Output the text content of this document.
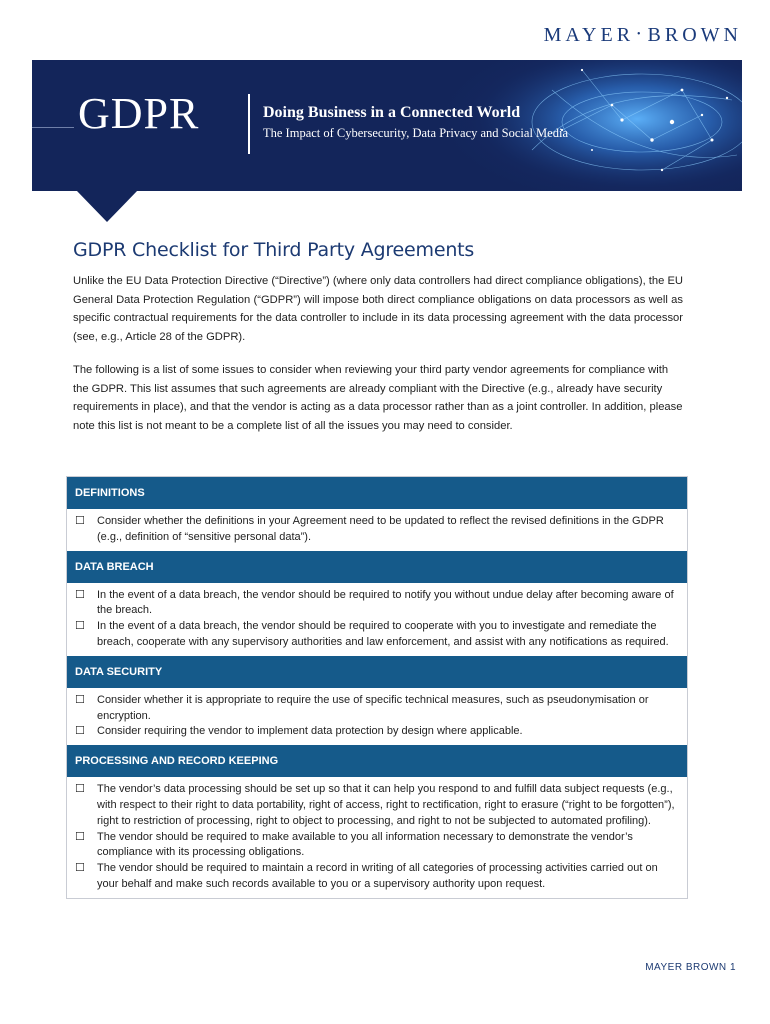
MAYER • BROWN
GDPR	Doing Business in a Connected World
The Impact of Cybersecurity, Data Privacy and Social Media
GDPR Checklist for Third Party Agreements

Unlike the EU Data Protection Directive (“Directive”) (where only data controllers had direct compliance obligations), the EU General Data Protection Regulation (“GDPR”) will impose both direct compliance obligations on data processors as well as specific contractual requirements for the data controller to include in its data processing agreement with the data processor (see, e.g., Article 28 of the GDPR).

The following is a list of some issues to consider when reviewing your third party vendor agreements for compliance with the GDPR. This list assumes that such agreements are already compliant with the Directive (e.g., already have security requirements in place), and that the vendor is acting as a data processor rather than as a joint controller. In addition, please note this list is not meant to be a complete list of all the issues you may need to consider.

DEFINITIONS
☐	Consider whether the definitions in your Agreement need to be updated to reflect the revised definitions in the GDPR (e.g., definition of “sensitive personal data”).
DATA BREACH
☐	In the event of a data breach, the vendor should be required to notify you without undue delay after becoming aware of the breach.
☐	In the event of a data breach, the vendor should be required to cooperate with you to investigate and remediate the breach, cooperate with any supervisory authorities and law enforcement, and assist with any notifications as required.
DATA SECURITY
☐	Consider whether it is appropriate to require the use of specific technical measures, such as pseudonymisation or encryption.
☐	Consider requiring the vendor to implement data protection by design where applicable.
PROCESSING AND RECORD KEEPING
☐	The vendor’s data processing should be set up so that it can help you respond to and fulfill data subject requests (e.g., with respect to their right to data portability, right of access, right to rectification, right to erasure (“right to be forgotten”), right to restriction of processing, right to object to processing, and right to not be subjected to automated profiling).
☐	The vendor should be required to make available to you all information necessary to demonstrate the vendor’s compliance with its processing obligations.
☐	The vendor should be required to maintain a record in writing of all categories of processing activities carried out on your behalf and make such records available to you or a supervisory authority upon request.
MAYER BROWN 1
